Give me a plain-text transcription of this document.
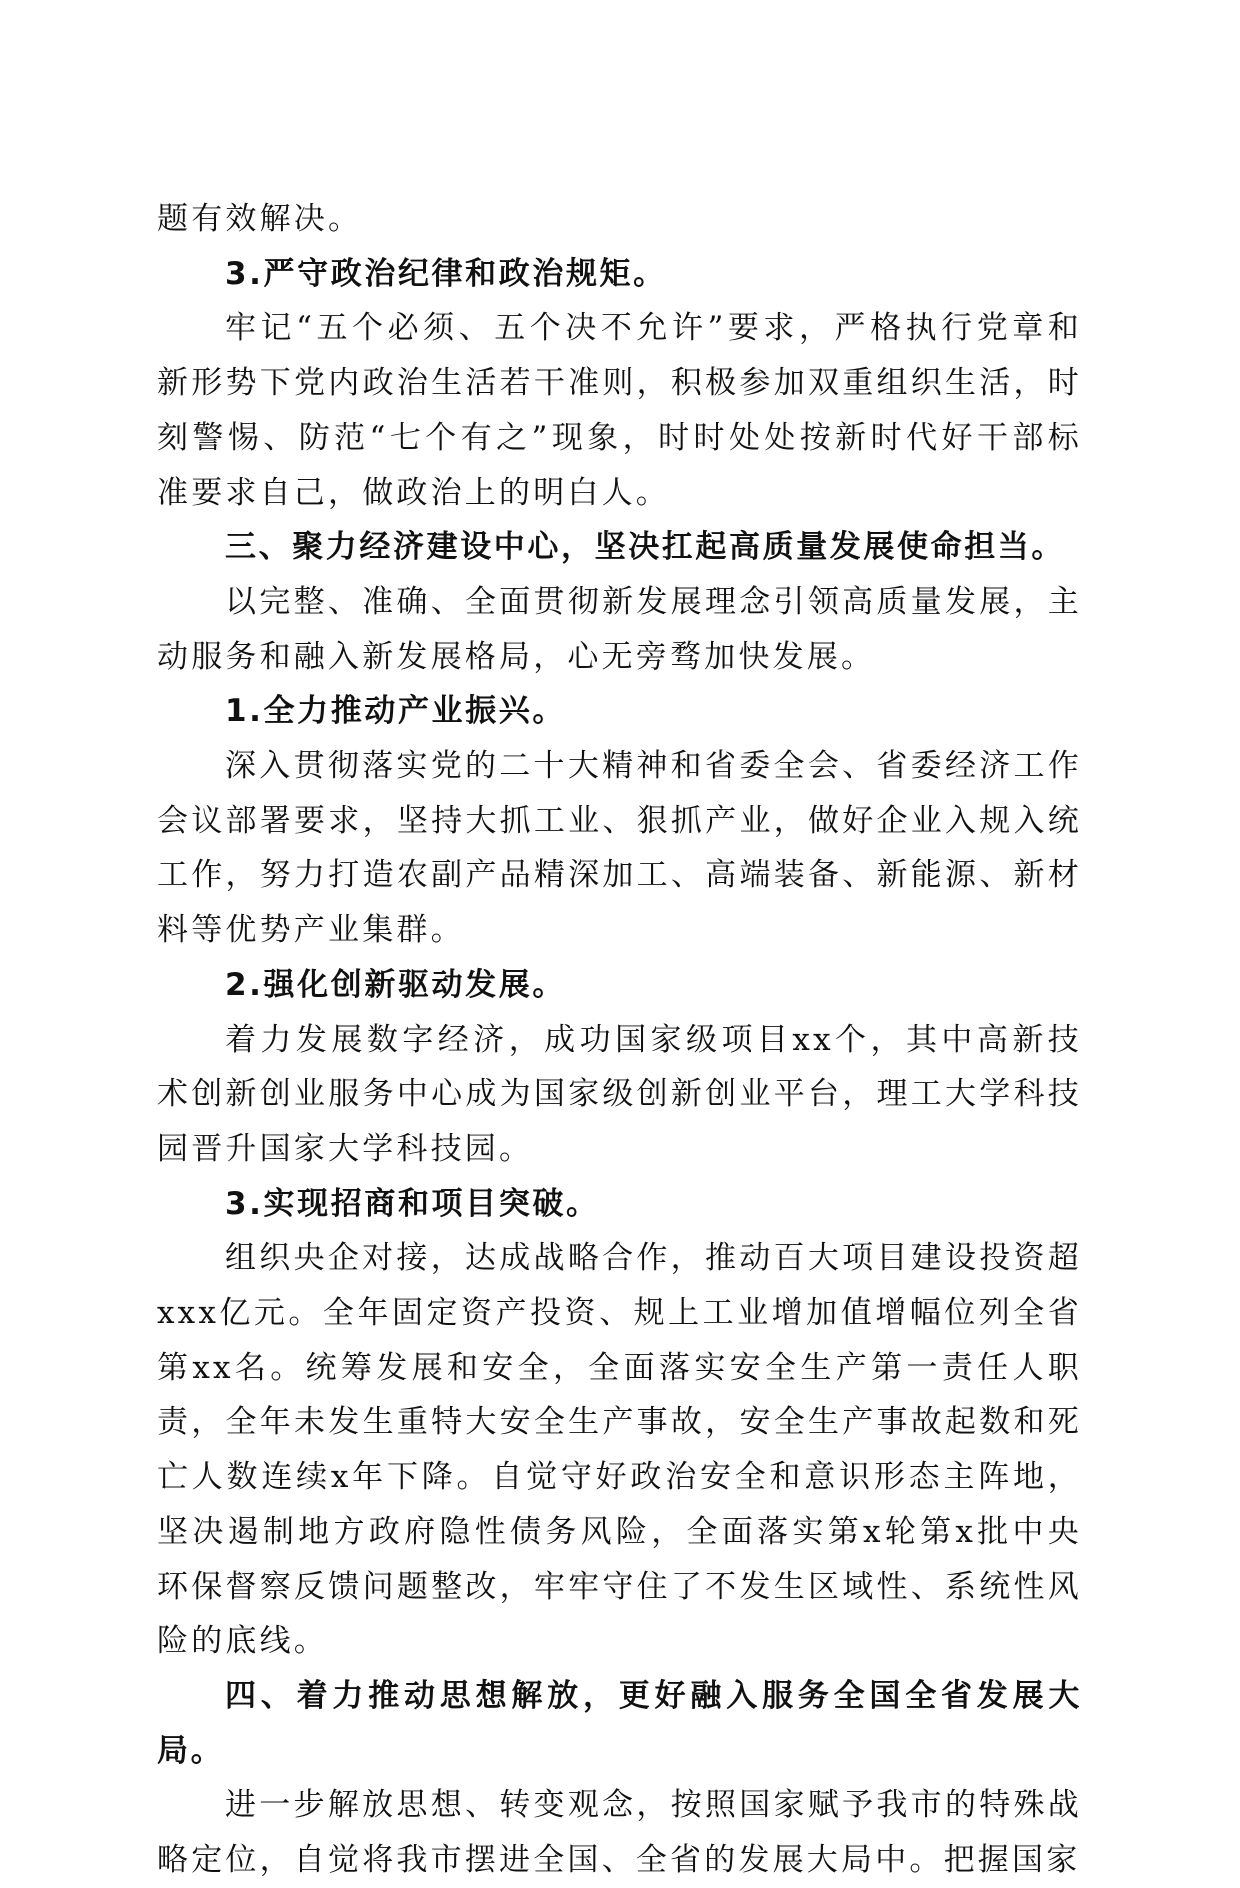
题有效解决。

3.严守政治纪律和政治规矩。

牢记“五个必须、五个决不允许”要求，严格执行党章和新形势下党内政治生活若干准则，积极参加双重组织生活，时刻警惕、防范“七个有之”现象，时时处处按新时代好干部标准要求自己，做政治上的明白人。

三、聚力经济建设中心，坚决扛起高质量发展使命担当。

以完整、准确、全面贯彻新发展理念引领高质量发展，主动服务和融入新发展格局，心无旁骛加快发展。

1.全力推动产业振兴。

深入贯彻落实党的二十大精神和省委全会、省委经济工作会议部署要求，坚持大抓工业、狠抓产业，做好企业入规入统工作，努力打造农副产品精深加工、高端装备、新能源、新材料等优势产业集群。

2.强化创新驱动发展。

着力发展数字经济，成功国家级项目xx个，其中高新技术创新创业服务中心成为国家级创新创业平台，理工大学科技园晋升国家大学科技园。

3.实现招商和项目突破。

组织央企对接，达成战略合作，推动百大项目建设投资超xxx亿元。全年固定资产投资、规上工业增加值增幅位列全省第xx名。统筹发展和安全，全面落实安全生产第一责任人职责，全年未发生重特大安全生产事故，安全生产事故起数和死亡人数连续x年下降。自觉守好政治安全和意识形态主阵地，坚决遏制地方政府隐性债务风险，全面落实第x轮第x批中央环保督察反馈问题整改，牢牢守住了不发生区域性、系统性风险的底线。

四、着力推动思想解放，更好融入服务全国全省发展大局。

进一步解放思想、转变观念，按照国家赋予我市的特殊战略定位，自觉将我市摆进全国、全省的发展大局中。把握国家
